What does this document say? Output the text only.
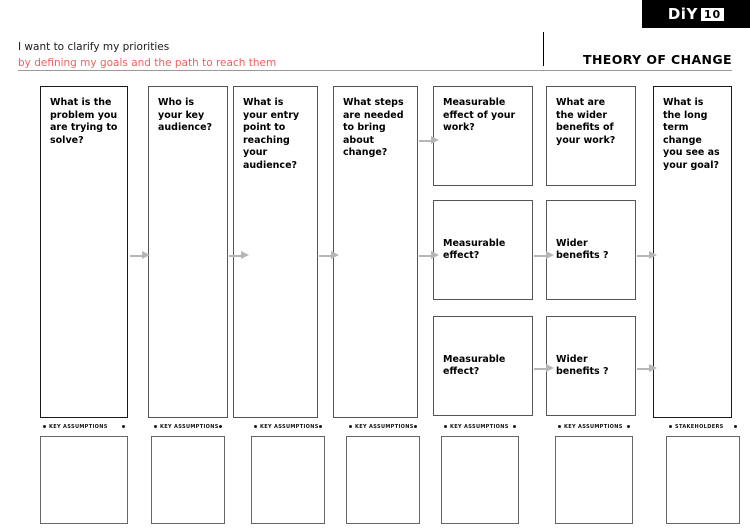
DiY 10
I want to clarify my priorities
by defining my goals and the path to reach them	THEORY OF CHANGE
What is the problem you are trying to solve?
Who is your key audience?
What is your entry point to reaching your audience?
What steps are needed to bring about change?
Measurable effect of your work?
Measurable effect?
Measurable effect?
What are the wider benefits of your work?
Wider benefits ?
Wider benefits ?
What is the long term change you see as your goal?
KEY ASSUMPTIONS	KEY ASSUMPTIONS	KEY ASSUMPTIONS	KEY ASSUMPTIONS	KEY ASSUMPTIONS	KEY ASSUMPTIONS	STAKEHOLDERS
